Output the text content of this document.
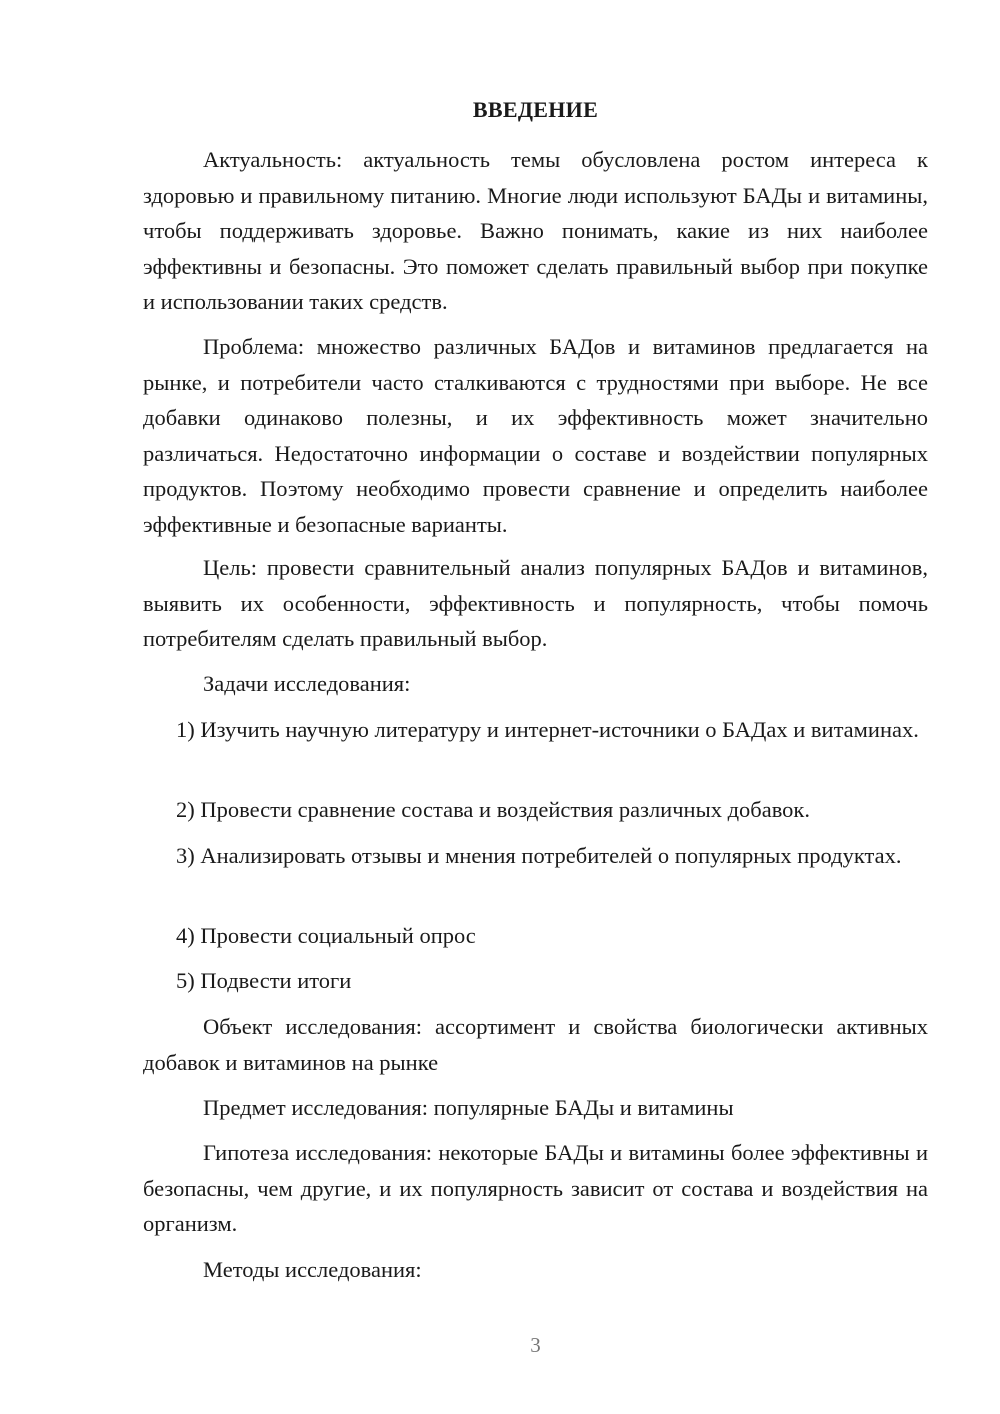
ВВЕДЕНИЕ

Актуальность: актуальность темы обусловлена ростом интереса к здоровью и правильному питанию. Многие люди используют БАДы и витамины, чтобы поддерживать здоровье. Важно понимать, какие из них наиболее эффективны и безопасны. Это поможет сделать правильный выбор при покупке и использовании таких средств.

Проблема: множество различных БАДов и витаминов предлагается на рынке, и потребители часто сталкиваются с трудностями при выборе. Не все добавки одинаково полезны, и их эффективность может значительно различаться. Недостаточно информации о составе и воздействии популярных продуктов. Поэтому необходимо провести сравнение и определить наиболее эффективные и безопасные варианты.

Цель: провести сравнительный анализ популярных БАДов и витаминов, выявить их особенности, эффективность и популярность, чтобы помочь потребителям сделать правильный выбор.

Задачи исследования:

1) Изучить научную литературу и интернет-источники о БАДах и витаминах.

2) Провести сравнение состава и воздействия различных добавок.

3) Анализировать отзывы и мнения потребителей о популярных продуктах.

4) Провести социальный опрос

5) Подвести итоги

Объект исследования: ассортимент и свойства биологически активных добавок и витаминов на рынке

Предмет исследования: популярные БАДы и витамины

Гипотеза исследования: некоторые БАДы и витамины более эффективны и безопасны, чем другие, и их популярность зависит от состава и воздействия на организм.

Методы исследования:

3
